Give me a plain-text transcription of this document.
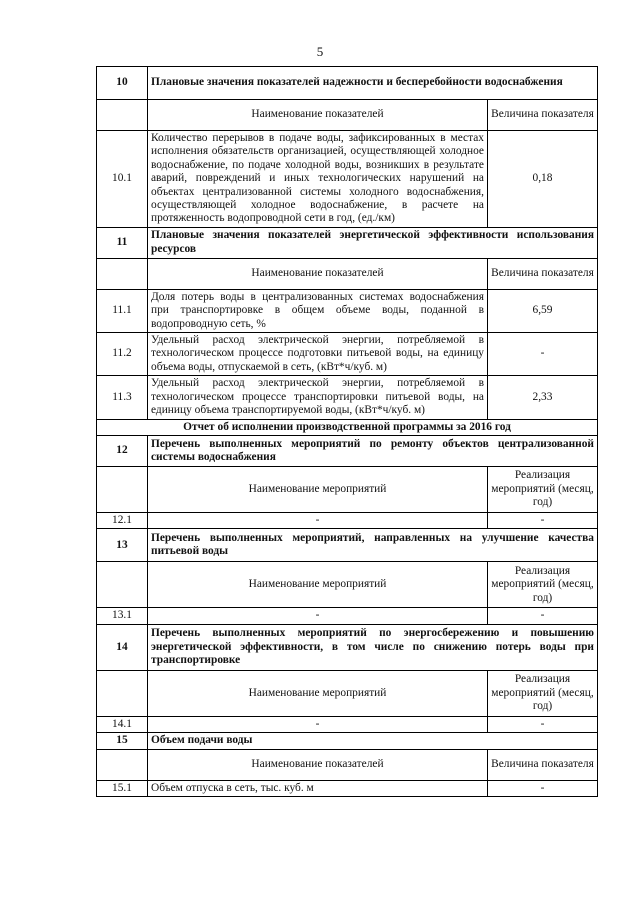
5
10	Плановые значения показателей надежности и бесперебойности водоснабжения	
	Наименование показателей	Величина показателя
10.1	Количество перерывов в подаче воды, зафиксированных в местах исполнения обязательств организацией, осуществляющей холодное водоснабжение, по подаче холодной воды, возникших в результате аварий, повреждений и иных технологических нарушений на объектах централизованной системы холодного водоснабжения, осуществляющей холодное водоснабжение, в расчете на протяженность водопроводной сети в год, (ед./км)	0,18
11	Плановые значения показателей энергетической эффективности использования ресурсов	
	Наименование показателей	Величина показателя
11.1	Доля потерь воды в централизованных системах водоснабжения при транспортировке в общем объеме воды, поданной в водопроводную сеть, %	6,59
11.2	Удельный расход электрической энергии, потребляемой в технологическом процессе подготовки питьевой воды, на единицу объема воды, отпускаемой в сеть, (кВт*ч/куб. м)	-
11.3	Удельный расход электрической энергии, потребляемой в технологическом процессе транспортировки питьевой воды, на единицу объема транспортируемой воды, (кВт*ч/куб. м)	2,33
Отчет об исполнении производственной программы за 2016 год		
12	Перечень выполненных мероприятий по ремонту объектов централизованной системы водоснабжения	
	Наименование мероприятий	Реализация мероприятий (месяц, год)
12.1	-	-
13	Перечень выполненных мероприятий, направленных на улучшение качества питьевой воды	
	Наименование мероприятий	Реализация мероприятий (месяц, год)
13.1	-	-
14	Перечень выполненных мероприятий по энергосбережению и повышению энергетической эффективности, в том числе по снижению потерь воды при транспортировке	
	Наименование мероприятий	Реализация мероприятий (месяц, год)
14.1	-	-
15	Объем подачи воды	
	Наименование показателей	Величина показателя
15.1	Объем отпуска в сеть, тыс. куб. м	-
